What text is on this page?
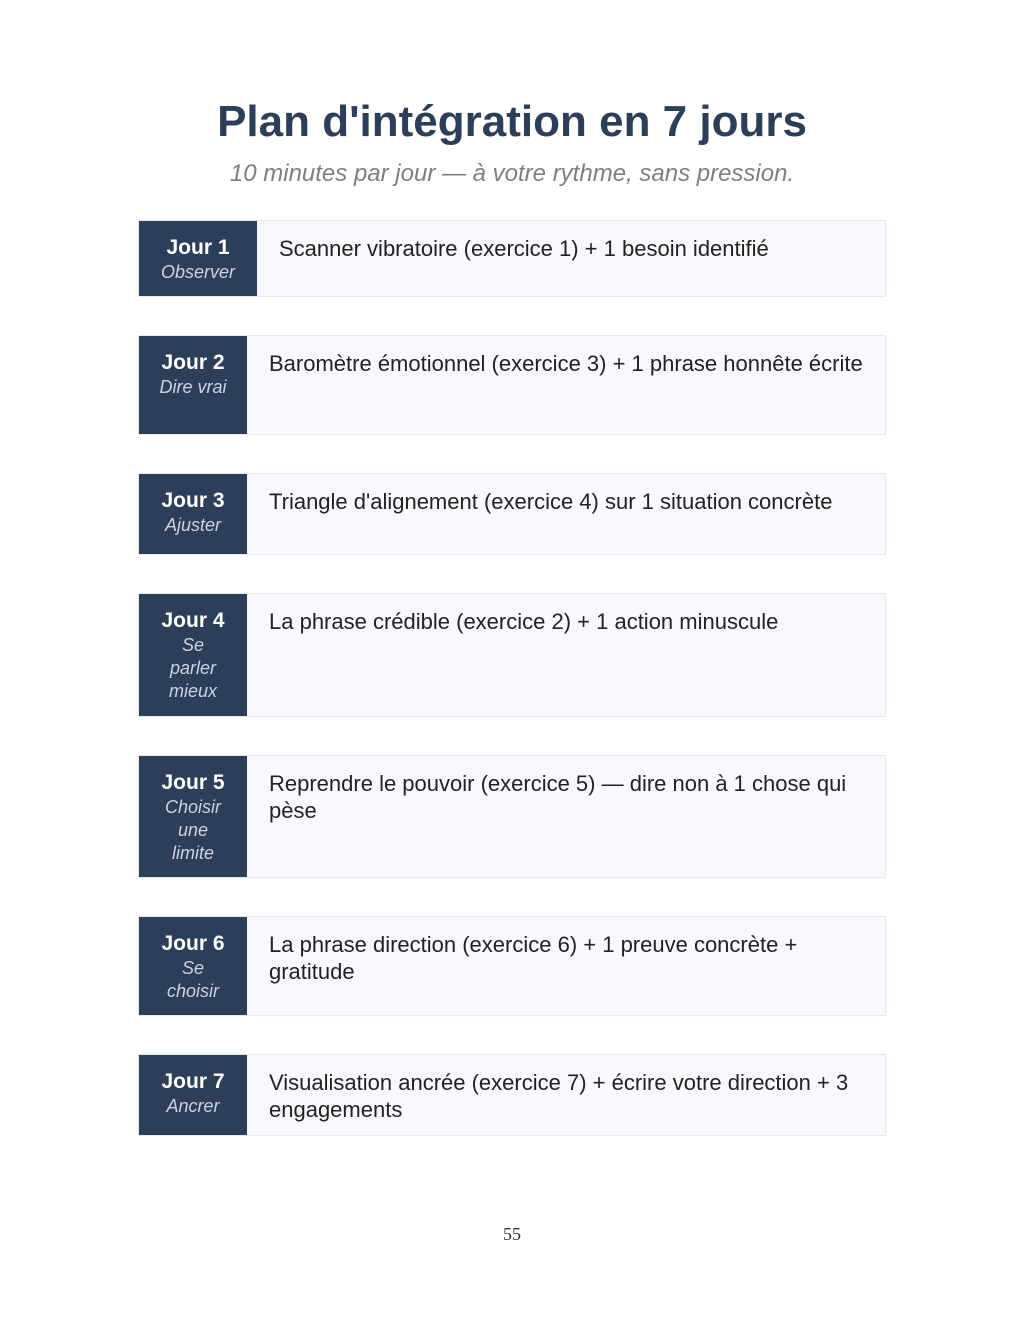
Plan d'intégration en 7 jours
10 minutes par jour — à votre rythme, sans pression.
Jour 1
Observer
Scanner vibratoire (exercice 1) + 1 besoin identifié
Jour 2
Dire vrai
Baromètre émotionnel (exercice 3) + 1 phrase honnête écrite
Jour 3
Ajuster
Triangle d'alignement (exercice 4) sur 1 situation concrète
Jour 4
Se parler mieux
La phrase crédible (exercice 2) + 1 action minuscule
Jour 5
Choisir une limite
Reprendre le pouvoir (exercice 5) — dire non à 1 chose qui pèse
Jour 6
Se choisir
La phrase direction (exercice 6) + 1 preuve concrète + gratitude
Jour 7
Ancrer
Visualisation ancrée (exercice 7) + écrire votre direction + 3 engagements
55
